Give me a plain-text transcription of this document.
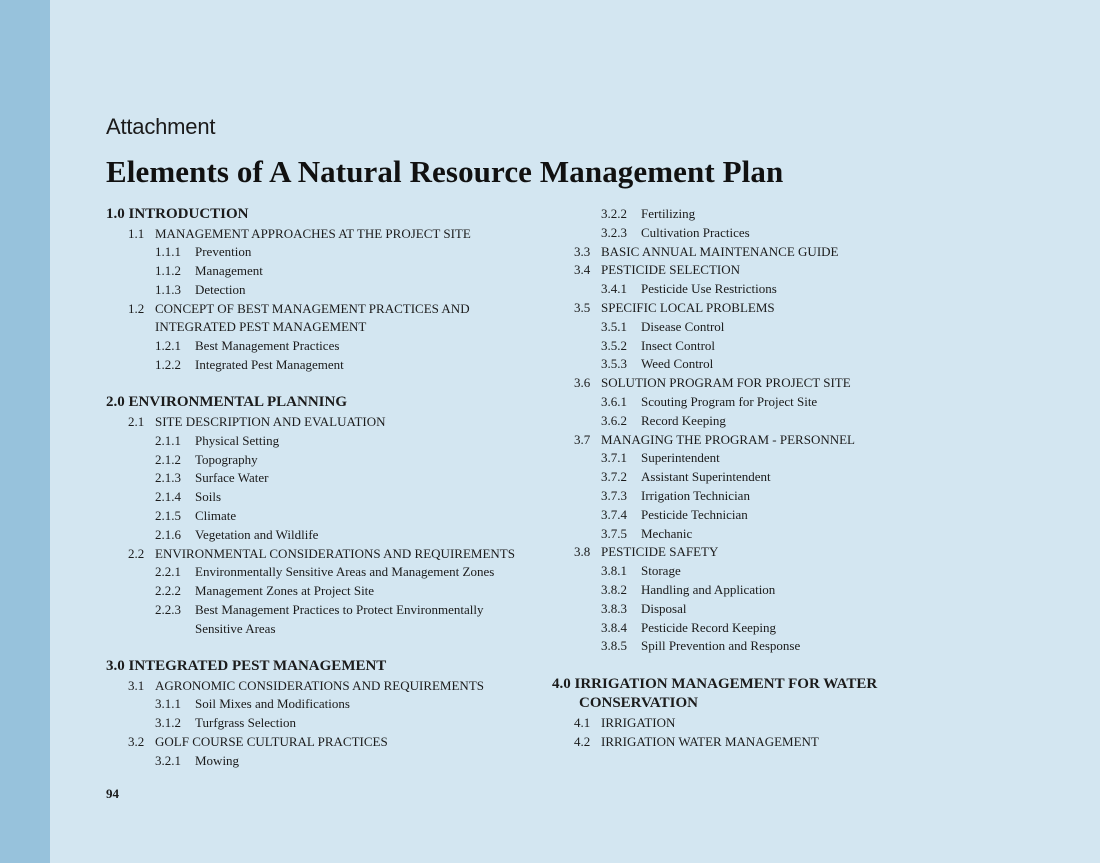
Attachment
Elements of A Natural Resource Management Plan
1.0 INTRODUCTION
1.1 MANAGEMENT APPROACHES AT THE PROJECT SITE
1.1.1 Prevention
1.1.2 Management
1.1.3 Detection
1.2 CONCEPT OF BEST MANAGEMENT PRACTICES AND
INTEGRATED PEST MANAGEMENT
1.2.1 Best Management Practices
1.2.2 Integrated Pest Management
2.0 ENVIRONMENTAL PLANNING
2.1 SITE DESCRIPTION AND EVALUATION
2.1.1 Physical Setting
2.1.2 Topography
2.1.3 Surface Water
2.1.4 Soils
2.1.5 Climate
2.1.6 Vegetation and Wildlife
2.2 ENVIRONMENTAL CONSIDERATIONS AND REQUIREMENTS
2.2.1 Environmentally Sensitive Areas and Management Zones
2.2.2 Management Zones at Project Site
2.2.3 Best Management Practices to Protect Environmentally
Sensitive Areas
3.0 INTEGRATED PEST MANAGEMENT
3.1 AGRONOMIC CONSIDERATIONS AND REQUIREMENTS
3.1.1 Soil Mixes and Modifications
3.1.2 Turfgrass Selection
3.2 GOLF COURSE CULTURAL PRACTICES
3.2.1 Mowing
3.2.2 Fertilizing
3.2.3 Cultivation Practices
3.3 BASIC ANNUAL MAINTENANCE GUIDE
3.4 PESTICIDE SELECTION
3.4.1 Pesticide Use Restrictions
3.5 SPECIFIC LOCAL PROBLEMS
3.5.1 Disease Control
3.5.2 Insect Control
3.5.3 Weed Control
3.6 SOLUTION PROGRAM FOR PROJECT SITE
3.6.1 Scouting Program for Project Site
3.6.2 Record Keeping
3.7 MANAGING THE PROGRAM - PERSONNEL
3.7.1 Superintendent
3.7.2 Assistant Superintendent
3.7.3 Irrigation Technician
3.7.4 Pesticide Technician
3.7.5 Mechanic
3.8 PESTICIDE SAFETY
3.8.1 Storage
3.8.2 Handling and Application
3.8.3 Disposal
3.8.4 Pesticide Record Keeping
3.8.5 Spill Prevention and Response
4.0 IRRIGATION MANAGEMENT FOR WATER
CONSERVATION
4.1 IRRIGATION
4.2 IRRIGATION WATER MANAGEMENT
94
